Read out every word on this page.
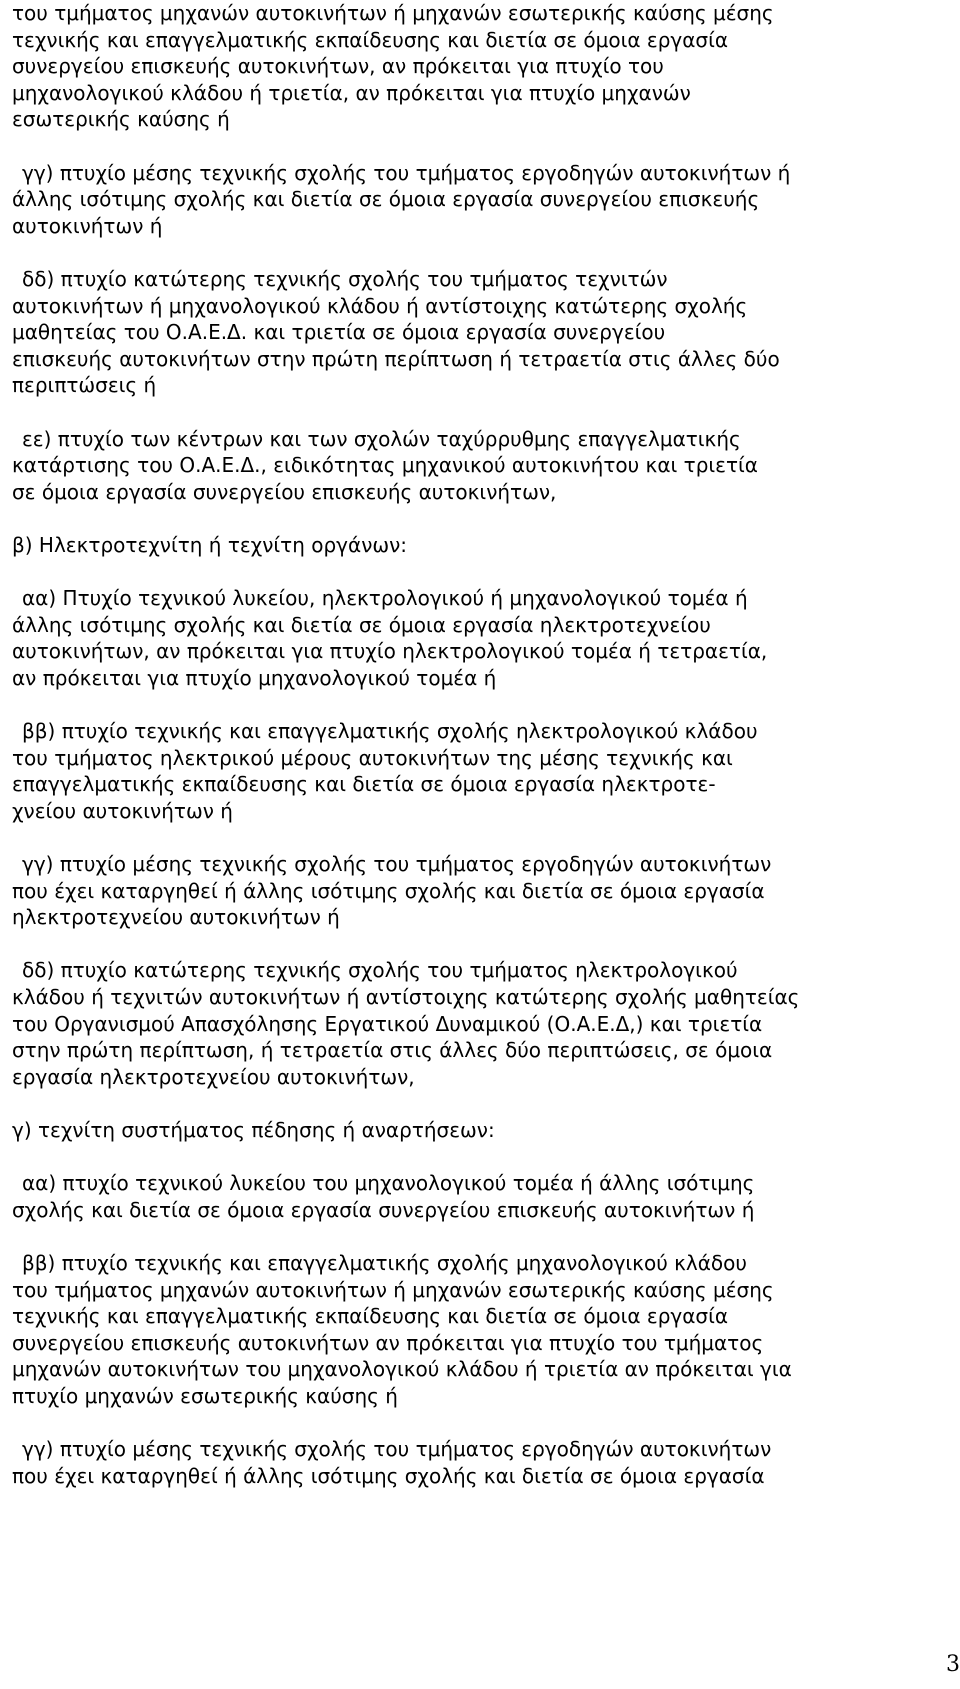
του τμήματος μηχανών αυτοκινήτων ή μηχανών εσωτερικής καύσης μέσης
τεχνικής και επαγγελματικής εκπαίδευσης και διετία σε όμοια εργασία
συνεργείου επισκευής αυτοκινήτων, αν πρόκειται για πτυχίο του
μηχανολογικού κλάδου ή τριετία, αν πρόκειται για πτυχίο μηχανών
εσωτερικής καύσης ή

γγ) πτυχίο μέσης τεχνικής σχολής του τμήματος εργοδηγών αυτοκινήτων ή
άλλης ισότιμης σχολής και διετία σε όμοια εργασία συνεργείου επισκευής
αυτοκινήτων ή

δδ) πτυχίο κατώτερης τεχνικής σχολής του τμήματος τεχνιτών
αυτοκινήτων ή μηχανολογικού κλάδου ή αντίστοιχης κατώτερης σχολής
μαθητείας του Ο.Α.Ε.Δ. και τριετία σε όμοια εργασία συνεργείου
επισκευής αυτοκινήτων στην πρώτη περίπτωση ή τετραετία στις άλλες δύο
περιπτώσεις ή

εε) πτυχίο των κέντρων και των σχολών ταχύρρυθμης επαγγελματικής
κατάρτισης του Ο.Α.Ε.Δ., ειδικότητας μηχανικού αυτοκινήτου και τριετία
σε όμοια εργασία συνεργείου επισκευής αυτοκινήτων,

β) Ηλεκτροτεχνίτη ή τεχνίτη οργάνων:

αα) Πτυχίο τεχνικού λυκείου, ηλεκτρολογικού ή μηχανολογικού τομέα ή
άλλης ισότιμης σχολής και διετία σε όμοια εργασία ηλεκτροτεχνείου
αυτοκινήτων, αν πρόκειται για πτυχίο ηλεκτρολογικού τομέα ή τετραετία,
αν πρόκειται για πτυχίο μηχανολογικού τομέα ή

ββ) πτυχίο τεχνικής και επαγγελματικής σχολής ηλεκτρολογικού κλάδου
του τμήματος ηλεκτρικού μέρους αυτοκινήτων της μέσης τεχνικής και
επαγγελματικής εκπαίδευσης και διετία σε όμοια εργασία ηλεκτροτε-
χνείου αυτοκινήτων ή

γγ) πτυχίο μέσης τεχνικής σχολής του τμήματος εργοδηγών αυτοκινήτων
που έχει καταργηθεί ή άλλης ισότιμης σχολής και διετία σε όμοια εργασία
ηλεκτροτεχνείου αυτοκινήτων ή

δδ) πτυχίο κατώτερης τεχνικής σχολής του τμήματος ηλεκτρολογικού
κλάδου ή τεχνιτών αυτοκινήτων ή αντίστοιχης κατώτερης σχολής μαθητείας
του Οργανισμού Απασχόλησης Εργατικού Δυναμικού (Ο.Α.Ε.Δ,) και τριετία
στην πρώτη περίπτωση, ή τετραετία στις άλλες δύο περιπτώσεις, σε όμοια
εργασία ηλεκτροτεχνείου αυτοκινήτων,

γ) τεχνίτη συστήματος πέδησης ή αναρτήσεων:

αα) πτυχίο τεχνικού λυκείου του μηχανολογικού τομέα ή άλλης ισότιμης
σχολής και διετία σε όμοια εργασία συνεργείου επισκευής αυτοκινήτων ή

ββ) πτυχίο τεχνικής και επαγγελματικής σχολής μηχανολογικού κλάδου
του τμήματος μηχανών αυτοκινήτων ή μηχανών εσωτερικής καύσης μέσης
τεχνικής και επαγγελματικής εκπαίδευσης και διετία σε όμοια εργασία
συνεργείου επισκευής αυτοκινήτων αν πρόκειται για πτυχίο του τμήματος
μηχανών αυτοκινήτων του μηχανολογικού κλάδου ή τριετία αν πρόκειται για
πτυχίο μηχανών εσωτερικής καύσης ή

γγ) πτυχίο μέσης τεχνικής σχολής του τμήματος εργοδηγών αυτοκινήτων
που έχει καταργηθεί ή άλλης ισότιμης σχολής και διετία σε όμοια εργασία

3
